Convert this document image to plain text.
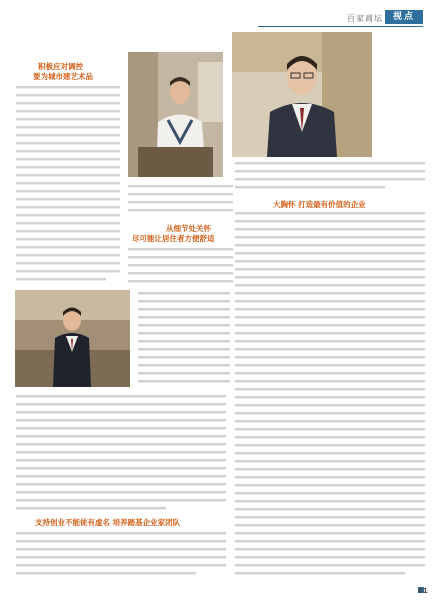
百家商坛	视点
积极应对调控
要为城市建艺术品
从细节处关怀
尽可能让居住者方便舒适
大胸怀 打造最有价值的企业
支持创业不能徒有虚名 培养踏基企业家团队
61
